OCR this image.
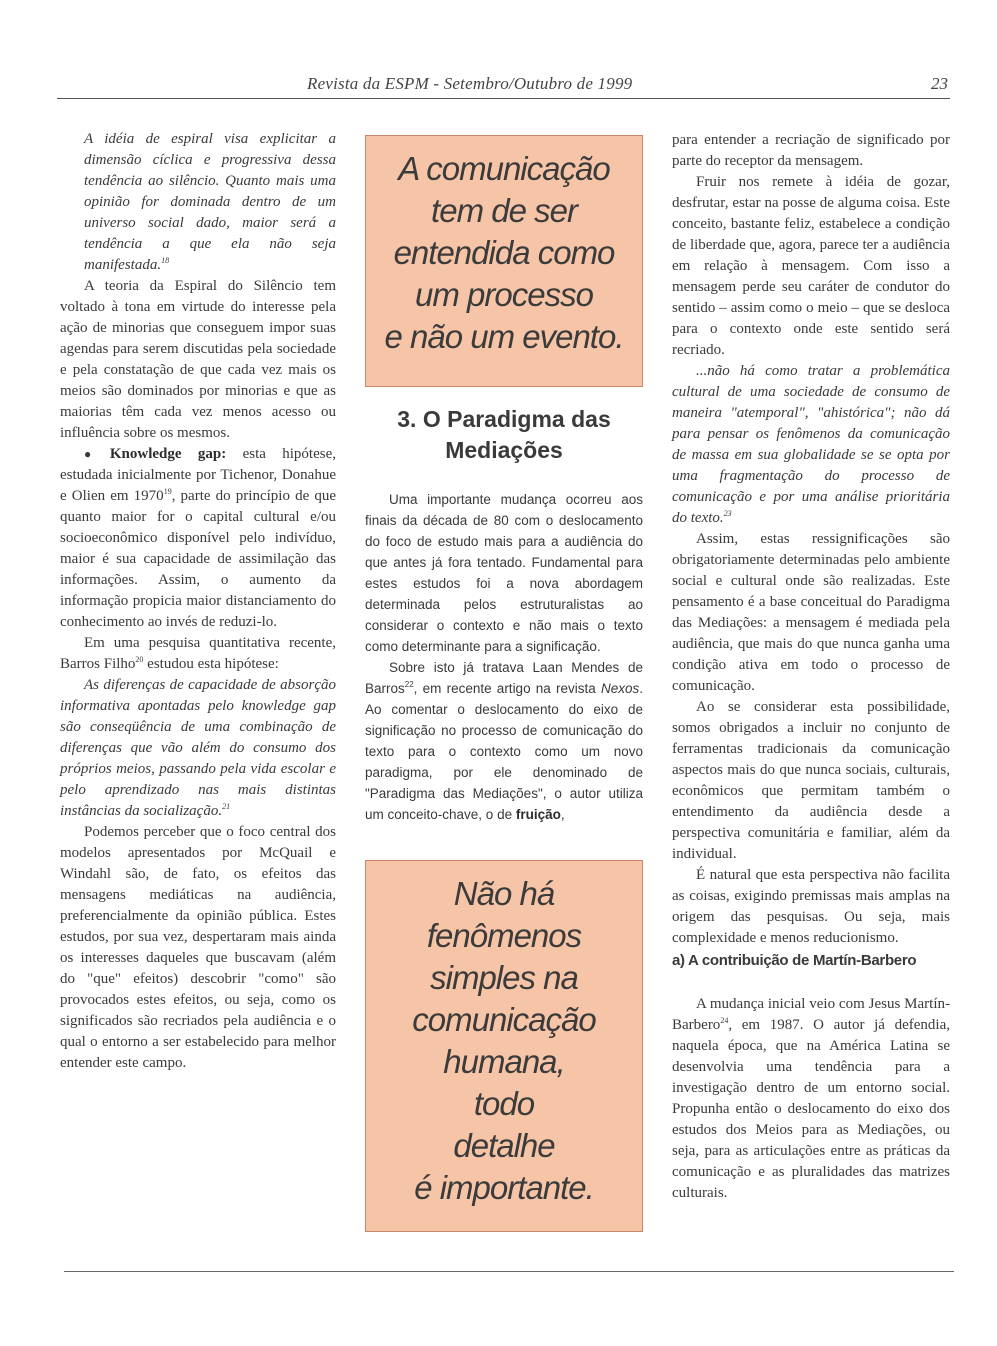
Revista da ESPM - Setembro/Outubro de 1999	23

A idéia de espiral visa explicitar a dimensão cíclica e progressiva dessa tendência ao silêncio. Quanto mais uma opinião for dominada dentro de um universo social dado, maior será a tendência a que ela não seja manifestada.$^{18}$

A teoria da Espiral do Silêncio tem voltado à tona em virtude do interesse pela ação de minorias que conseguem impor suas agendas para serem discutidas pela sociedade e pela constatação de que cada vez mais os meios são dominados por minorias e que as maiorias têm cada vez menos acesso ou influência sobre os mesmos.

● Knowledge gap: esta hipótese, estudada inicialmente por Tichenor, Donahue e Olien em 1970$^{19}$, parte do princípio de que quanto maior for o capital cultural e/ou socioeconômico disponível pelo indivíduo, maior é sua capacidade de assimilação das informações. Assim, o aumento da informação propicia maior distanciamento do conhecimento ao invés de reduzi-lo.

Em uma pesquisa quantitativa recente, Barros Filho$^{20}$ estudou esta hipótese:

As diferenças de capacidade de absorção informativa apontadas pelo knowledge gap são conseqüência de uma combinação de diferenças que vão além do consumo dos próprios meios, passando pela vida escolar e pelo aprendizado nas mais distintas instâncias da socialização.$^{21}$

Podemos perceber que o foco central dos modelos apresentados por McQuail e Windahl são, de fato, os efeitos das mensagens mediáticas na audiência, preferencialmente da opinião pública. Estes estudos, por sua vez, despertaram mais ainda os interesses daqueles que buscavam (além do "que" efeitos) descobrir "como" são provocados estes efeitos, ou seja, como os significados são recriados pela audiência e o qual o entorno a ser estabelecido para melhor entender este campo.

A comunicação
tem de ser
entendida como
um processo
e não um evento.
3. O Paradigma das
Mediações

Uma importante mudança ocorreu aos finais da década de 80 com o deslocamento do foco de estudo mais para a audiência do que antes já fora tentado. Fundamental para estes estudos foi a nova abordagem determinada pelos estruturalistas ao considerar o contexto e não mais o texto como determinante para a significação.

Sobre isto já tratava Laan Mendes de Barros$^{22}$, em recente artigo na revista Nexos. Ao comentar o deslocamento do eixo de significação no processo de comunicação do texto para o contexto como um novo paradigma, por ele denominado de "Paradigma das Mediações", o autor utiliza um conceito-chave, o de fruição,

Não há
fenômenos
simples na
comunicação
humana,
todo
detalhe
é importante.

para entender a recriação de significado por parte do receptor da mensagem.

Fruir nos remete à idéia de gozar, desfrutar, estar na posse de alguma coisa. Este conceito, bastante feliz, estabelece a condição de liberdade que, agora, parece ter a audiência em relação à mensagem. Com isso a mensagem perde seu caráter de condutor do sentido – assim como o meio – que se desloca para o contexto onde este sentido será recriado.

...não há como tratar a problemática cultural de uma sociedade de consumo de maneira "atemporal", "ahistórica"; não dá para pensar os fenômenos da comunicação de massa em sua globalidade se se opta por uma fragmentação do processo de comunicação e por uma análise prioritária do texto.$^{23}$

Assim, estas ressignificações são obrigatoriamente determinadas pelo ambiente social e cultural onde são realizadas. Este pensamento é a base conceitual do Paradigma das Mediações: a mensagem é mediada pela audiência, que mais do que nunca ganha uma condição ativa em todo o processo de comunicação.

Ao se considerar esta possibilidade, somos obrigados a incluir no conjunto de ferramentas tradicionais da comunicação aspectos mais do que nunca sociais, culturais, econômicos que permitam também o entendimento da audiência desde a perspectiva comunitária e familiar, além da individual.

É natural que esta perspectiva não facilita as coisas, exigindo premissas mais amplas na origem das pesquisas. Ou seja, mais complexidade e menos reducionismo.

a) A contribuição de Martín-Barbero

A mudança inicial veio com Jesus Martín-Barbero$^{24}$, em 1987. O autor já defendia, naquela época, que na América Latina se desenvolvia uma tendência para a investigação dentro de um entorno social. Propunha então o deslocamento do eixo dos estudos dos Meios para as Mediações, ou seja, para as articulações entre as práticas da comunicação e as pluralidades das matrizes culturais.
